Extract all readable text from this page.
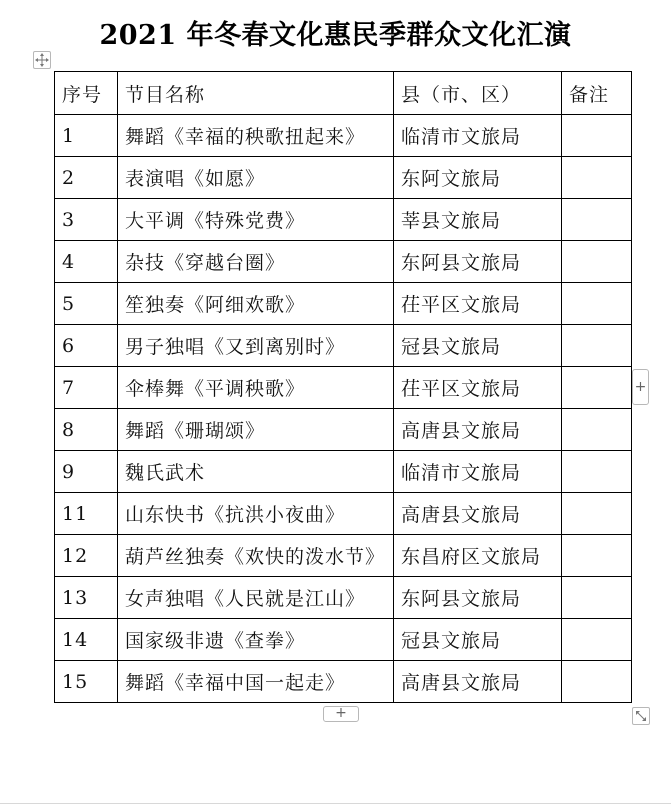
2021 年冬春文化惠民季群众文化汇演
序号	节目名称	县（市、区）	备注
1	舞蹈《幸福的秧歌扭起来》	临清市文旅局	
2	表演唱《如愿》	东阿文旅局	
3	大平调《特殊党费》	莘县文旅局	
4	杂技《穿越台圈》	东阿县文旅局	
5	笙独奏《阿细欢歌》	茌平区文旅局	
6	男子独唱《又到离别时》	冠县文旅局	
7	伞棒舞《平调秧歌》	茌平区文旅局	
8	舞蹈《珊瑚颂》	高唐县文旅局	
9	魏氏武术	临清市文旅局	
11	山东快书《抗洪小夜曲》	高唐县文旅局	
12	葫芦丝独奏《欢快的泼水节》	东昌府区文旅局	
13	女声独唱《人民就是江山》	东阿县文旅局	
14	国家级非遗《查拳》	冠县文旅局	
15	舞蹈《幸福中国一起走》	高唐县文旅局	
+
+
